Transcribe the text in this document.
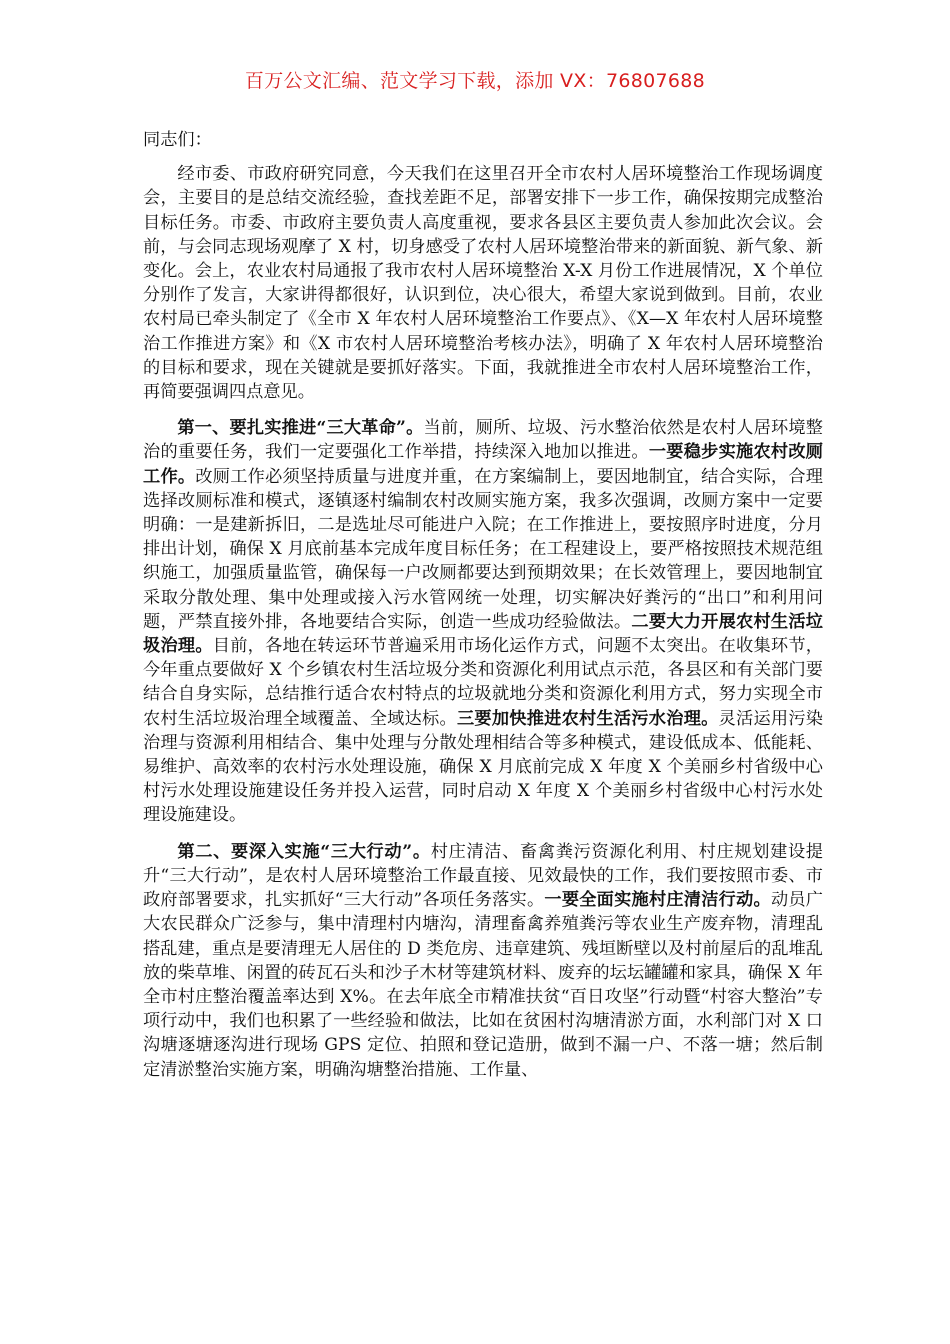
百万公文汇编、范文学习下载，添加 VX：76807688

同志们：

经市委、市政府研究同意，今天我们在这里召开全市农村人居环境整治工作现场调度会，主要目的是总结交流经验，查找差距不足，部署安排下一步工作，确保按期完成整治目标任务。市委、市政府主要负责人高度重视，要求各县区主要负责人参加此次会议。会前，与会同志现场观摩了 X 村，切身感受了农村人居环境整治带来的新面貌、新气象、新变化。会上，农业农村局通报了我市农村人居环境整治 X-X 月份工作进展情况，X 个单位分别作了发言，大家讲得都很好，认识到位，决心很大，希望大家说到做到。目前，农业农村局已牵头制定了《全市 X 年农村人居环境整治工作要点》、《X—X 年农村人居环境整治工作推进方案》和《X 市农村人居环境整治考核办法》，明确了 X 年农村人居环境整治的目标和要求，现在关键就是要抓好落实。下面，我就推进全市农村人居环境整治工作，再简要强调四点意见。

第一、要扎实推进“三大革命”。当前，厕所、垃圾、污水整治依然是农村人居环境整治的重要任务，我们一定要强化工作举措，持续深入地加以推进。一要稳步实施农村改厕工作。改厕工作必须坚持质量与进度并重，在方案编制上，要因地制宜，结合实际，合理选择改厕标准和模式，逐镇逐村编制农村改厕实施方案，我多次强调，改厕方案中一定要明确：一是建新拆旧，二是选址尽可能进户入院；在工作推进上，要按照序时进度，分月排出计划，确保 X 月底前基本完成年度目标任务；在工程建设上，要严格按照技术规范组织施工，加强质量监管，确保每一户改厕都要达到预期效果；在长效管理上，要因地制宜采取分散处理、集中处理或接入污水管网统一处理，切实解决好粪污的“出口”和利用问题，严禁直接外排，各地要结合实际，创造一些成功经验做法。二要大力开展农村生活垃圾治理。目前，各地在转运环节普遍采用市场化运作方式，问题不太突出。在收集环节，今年重点要做好 X 个乡镇农村生活垃圾分类和资源化利用试点示范，各县区和有关部门要结合自身实际，总结推行适合农村特点的垃圾就地分类和资源化利用方式，努力实现全市农村生活垃圾治理全域覆盖、全域达标。三要加快推进农村生活污水治理。灵活运用污染治理与资源利用相结合、集中处理与分散处理相结合等多种模式，建设低成本、低能耗、易维护、高效率的农村污水处理设施，确保 X 月底前完成 X 年度 X 个美丽乡村省级中心村污水处理设施建设任务并投入运营，同时启动 X 年度 X 个美丽乡村省级中心村污水处理设施建设。

第二、要深入实施“三大行动”。村庄清洁、畜禽粪污资源化利用、村庄规划建设提升“三大行动”，是农村人居环境整治工作最直接、见效最快的工作，我们要按照市委、市政府部署要求，扎实抓好“三大行动”各项任务落实。一要全面实施村庄清洁行动。动员广大农民群众广泛参与，集中清理村内塘沟，清理畜禽养殖粪污等农业生产废弃物，清理乱搭乱建，重点是要清理无人居住的 D 类危房、违章建筑、残垣断壁以及村前屋后的乱堆乱放的柴草堆、闲置的砖瓦石头和沙子木材等建筑材料、废弃的坛坛罐罐和家具，确保 X 年全市村庄整治覆盖率达到 X%。在去年底全市精准扶贫“百日攻坚”行动暨“村容大整治”专项行动中，我们也积累了一些经验和做法，比如在贫困村沟塘清淤方面，水利部门对 X 口沟塘逐塘逐沟进行现场 GPS 定位、拍照和登记造册，做到不漏一户、不落一塘；然后制定清淤整治实施方案，明确沟塘整治措施、工作量、
